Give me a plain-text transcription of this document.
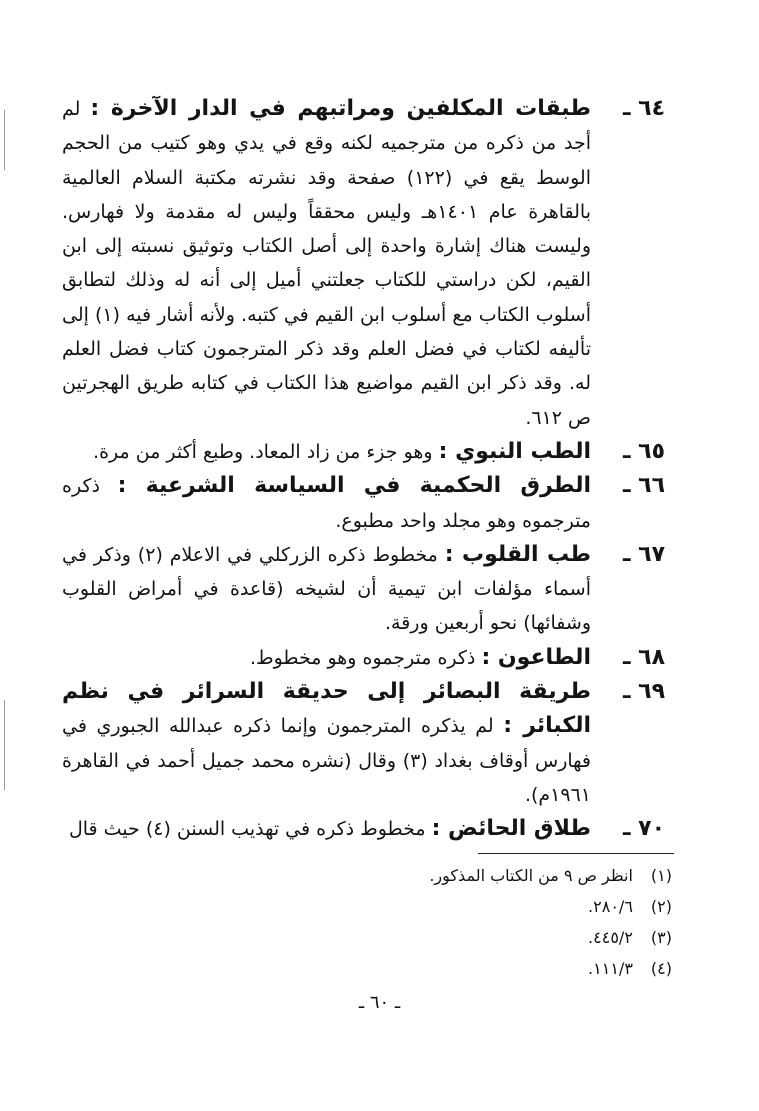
٦٤ ـ
طبقات المكلفين ومراتبهم في الدار الآخرة : لم أجد من ذكره من مترجميه لكنه وقع في يدي وهو كتيب من الحجم الوسط يقع في (١٢٢) صفحة وقد نشرته مكتبة السلام العالمية بالقاهرة عام ١٤٠١هـ وليس محققاً وليس له مقدمة ولا فهارس. وليست هناك إشارة واحدة إلى أصل الكتاب وتوثيق نسبته إلى ابن القيم، لكن دراستي للكتاب جعلتني أميل إلى أنه له وذلك لتطابق أسلوب الكتاب مع أسلوب ابن القيم في كتبه. ولأنه أشار فيه (١) إلى تأليفه لكتاب في فضل العلم وقد ذكر المترجمون كتاب فضل العلم له. وقد ذكر ابن القيم مواضيع هذا الكتاب في كتابه طريق الهجرتين ص ٦١٢.
٦٥ ـ
الطب النبوي : وهو جزء من زاد المعاد. وطبع أكثر من مرة.
٦٦ ـ
الطرق الحكمية في السياسة الشرعية : ذكره مترجموه وهو مجلد واحد مطبوع.
٦٧ ـ
طب القلوب : مخطوط ذكره الزركلي في الاعلام (٢) وذكر في أسماء مؤلفات ابن تيمية أن لشيخه (قاعدة في أمراض القلوب وشفائها) نحو أربعين ورقة.
٦٨ ـ
الطاعون : ذكره مترجموه وهو مخطوط.
٦٩ ـ
طريقة البصائر إلى حديقة السرائر في نظم الكبائر : لم يذكره المترجمون وإنما ذكره عبدالله الجبوري في فهارس أوقاف بغداد (٣) وقال (نشره محمد جميل أحمد في القاهرة ١٩٦١م).
٧٠ ـ
طلاق الحائض : مخطوط ذكره في تهذيب السنن (٤) حيث قال
(١) انظر ص ٩ من الكتاب المذكور.
(٢) ٢٨٠/٦.
(٣) ٤٤٥/٢.
(٤) ١١١/٣.
ـ ٦٠ ـ
